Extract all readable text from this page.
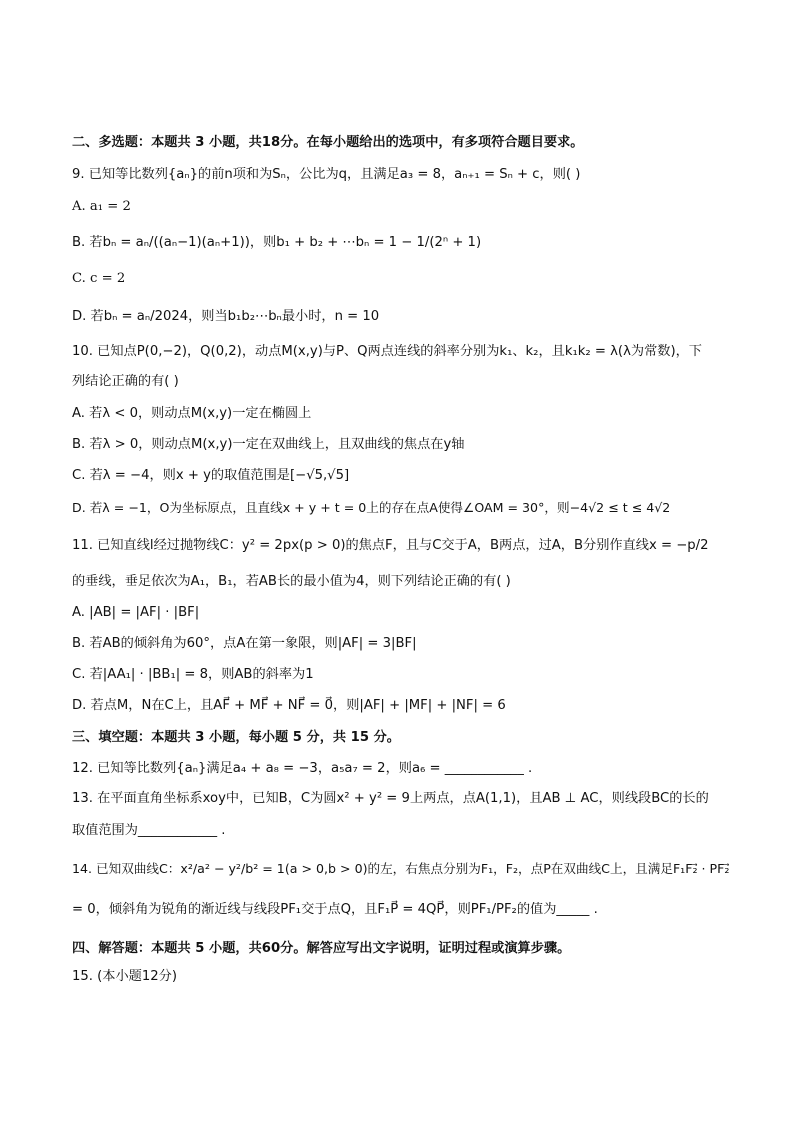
二、多选题：本题共 3 小题，共18分。在每小题给出的选项中，有多项符合题目要求。
9. 已知等比数列{aₙ}的前n项和为Sₙ，公比为q，且满足a₃ = 8，aₙ₊₁ = Sₙ + c，则( )
A. a₁ = 2
B. 若bₙ = aₙ/((aₙ−1)(aₙ+1))，则b₁ + b₂ + ⋯bₙ = 1 − 1/(2ⁿ + 1)
C. c = 2
D. 若bₙ = aₙ/2024，则当b₁b₂⋯bₙ最小时，n = 10
10. 已知点P(0,−2)，Q(0,2)，动点M(x,y)与P、Q两点连线的斜率分别为k₁、k₂，且k₁k₂ = λ(λ为常数)，下
列结论正确的有( )
A. 若λ < 0，则动点M(x,y)一定在椭圆上
B. 若λ > 0，则动点M(x,y)一定在双曲线上，且双曲线的焦点在y轴
C. 若λ = −4，则x + y的取值范围是[−√5,√5]
D. 若λ = −1，O为坐标原点，且直线x + y + t = 0上的存在点A使得∠OAM = 30°，则−4√2 ≤ t ≤ 4√2
11. 已知直线l经过抛物线C：y² = 2px(p > 0)的焦点F，且与C交于A，B两点，过A，B分别作直线x = −p/2
的垂线，垂足依次为A₁，B₁，若AB长的最小值为4，则下列结论正确的有( )
A. |AB| = |AF| · |BF|
B. 若AB的倾斜角为60°，点A在第一象限，则|AF| = 3|BF|
C. 若|AA₁| · |BB₁| = 8，则AB的斜率为1
D. 若点M，N在C上，且AF⃗ + MF⃗ + NF⃗ = 0⃗，则|AF| + |MF| + |NF| = 6
三、填空题：本题共 3 小题，每小题 5 分，共 15 分。
12. 已知等比数列{aₙ}满足a₄ + a₈ = −3，a₅a₇ = 2，则a₆ = ____________ .
13. 在平面直角坐标系xoy中，已知B，C为圆x² + y² = 9上两点，点A(1,1)，且AB ⊥ AC，则线段BC的长的
取值范围为____________ .
14. 已知双曲线C：x²/a² − y²/b² = 1(a > 0,b > 0)的左，右焦点分别为F₁，F₂，点P在双曲线C上，且满足F₁F₂⃗ · PF₂⃗
= 0，倾斜角为锐角的渐近线与线段PF₁交于点Q，且F₁P⃗ = 4QP⃗，则PF₁/PF₂的值为_____ .
四、解答题：本题共 5 小题，共60分。解答应写出文字说明，证明过程或演算步骤。
15. (本小题12分)
